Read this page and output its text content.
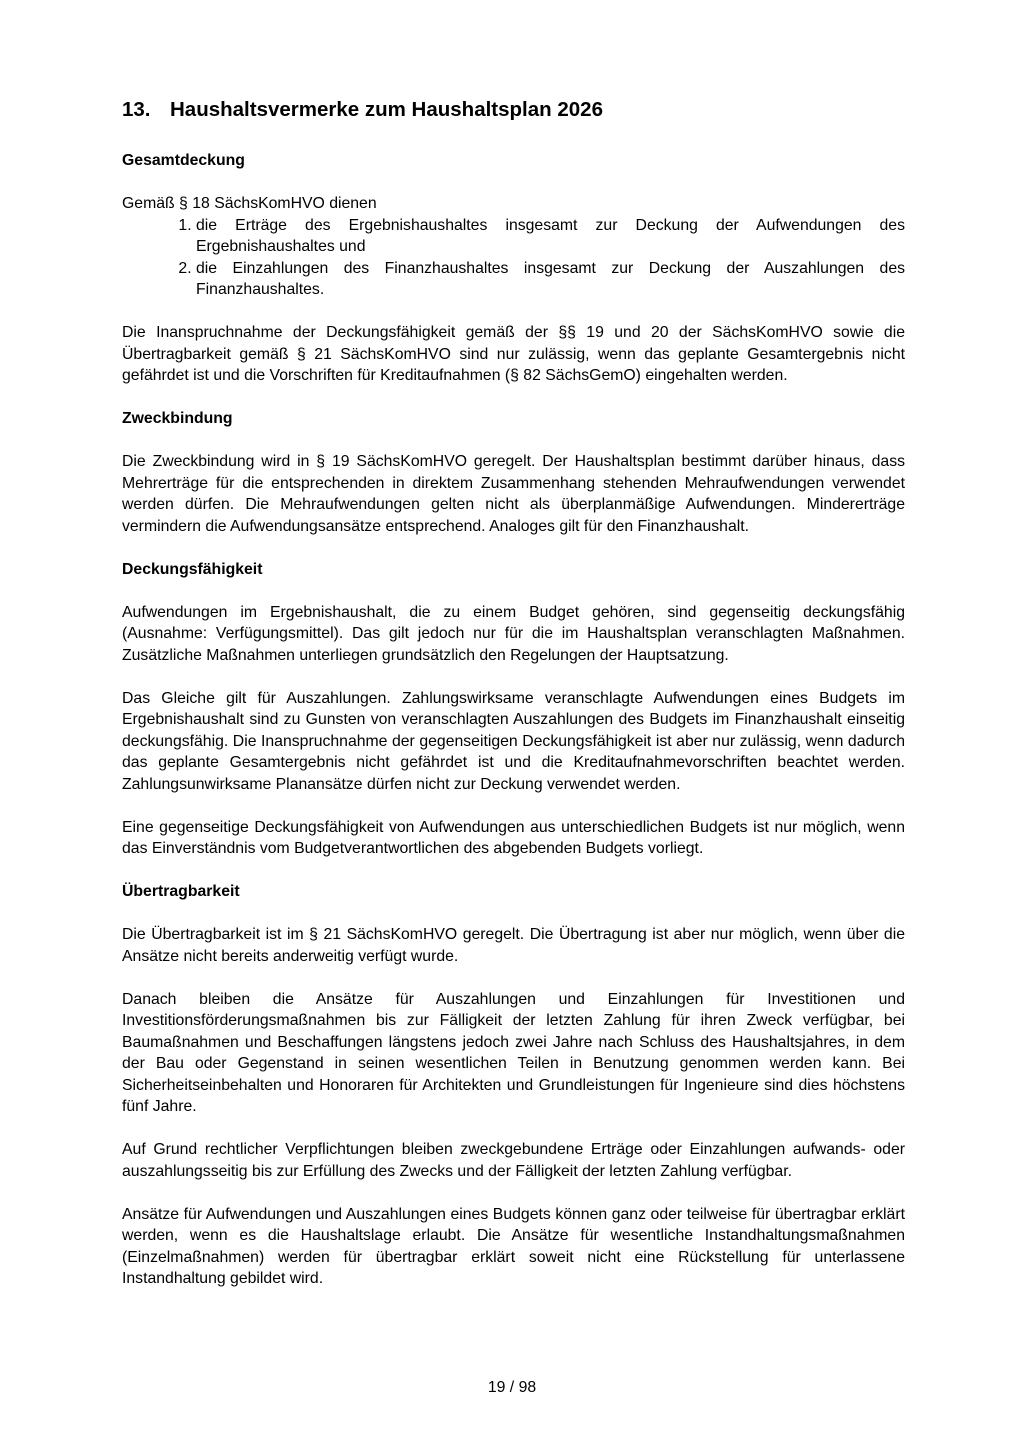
13. Haushaltsvermerke zum Haushaltsplan 2026
Gesamtdeckung

Gemäß § 18 SächsKomHVO dienen

1. die Erträge des Ergebnishaushaltes insgesamt zur Deckung der Aufwendungen des Ergebnishaushaltes und
2. die Einzahlungen des Finanzhaushaltes insgesamt zur Deckung der Auszahlungen des Finanzhaushaltes.

Die Inanspruchnahme der Deckungsfähigkeit gemäß der §§ 19 und 20 der SächsKomHVO sowie die Übertragbarkeit gemäß § 21 SächsKomHVO sind nur zulässig, wenn das geplante Gesamtergebnis nicht gefährdet ist und die Vorschriften für Kreditaufnahmen (§ 82 SächsGemO) eingehalten werden.

Zweckbindung

Die Zweckbindung wird in § 19 SächsKomHVO geregelt. Der Haushaltsplan bestimmt darüber hinaus, dass Mehrerträge für die entsprechenden in direktem Zusammenhang stehenden Mehraufwendungen verwendet werden dürfen. Die Mehraufwendungen gelten nicht als überplanmäßige Aufwendungen. Mindererträge vermindern die Aufwendungsansätze entsprechend. Analoges gilt für den Finanzhaushalt.

Deckungsfähigkeit

Aufwendungen im Ergebnishaushalt, die zu einem Budget gehören, sind gegenseitig deckungsfähig (Ausnahme: Verfügungsmittel). Das gilt jedoch nur für die im Haushaltsplan veranschlagten Maßnahmen. Zusätzliche Maßnahmen unterliegen grundsätzlich den Regelungen der Hauptsatzung.

Das Gleiche gilt für Auszahlungen. Zahlungswirksame veranschlagte Aufwendungen eines Budgets im Ergebnishaushalt sind zu Gunsten von veranschlagten Auszahlungen des Budgets im Finanzhaushalt einseitig deckungsfähig. Die Inanspruchnahme der gegenseitigen Deckungsfähigkeit ist aber nur zulässig, wenn dadurch das geplante Gesamtergebnis nicht gefährdet ist und die Kreditaufnahmevorschriften beachtet werden. Zahlungsunwirksame Planansätze dürfen nicht zur Deckung verwendet werden.

Eine gegenseitige Deckungsfähigkeit von Aufwendungen aus unterschiedlichen Budgets ist nur möglich, wenn das Einverständnis vom Budgetverantwortlichen des abgebenden Budgets vorliegt.

Übertragbarkeit

Die Übertragbarkeit ist im § 21 SächsKomHVO geregelt. Die Übertragung ist aber nur möglich, wenn über die Ansätze nicht bereits anderweitig verfügt wurde.

Danach bleiben die Ansätze für Auszahlungen und Einzahlungen für Investitionen und Investitionsförderungsmaßnahmen bis zur Fälligkeit der letzten Zahlung für ihren Zweck verfügbar, bei Baumaßnahmen und Beschaffungen längstens jedoch zwei Jahre nach Schluss des Haushaltsjahres, in dem der Bau oder Gegenstand in seinen wesentlichen Teilen in Benutzung genommen werden kann. Bei Sicherheitseinbehalten und Honoraren für Architekten und Grundleistungen für Ingenieure sind dies höchstens fünf Jahre.

Auf Grund rechtlicher Verpflichtungen bleiben zweckgebundene Erträge oder Einzahlungen aufwands- oder auszahlungsseitig bis zur Erfüllung des Zwecks und der Fälligkeit der letzten Zahlung verfügbar.

Ansätze für Aufwendungen und Auszahlungen eines Budgets können ganz oder teilweise für übertragbar erklärt werden, wenn es die Haushaltslage erlaubt. Die Ansätze für wesentliche Instandhaltungsmaßnahmen (Einzelmaßnahmen) werden für übertragbar erklärt soweit nicht eine Rückstellung für unterlassene Instandhaltung gebildet wird.

19 / 98
